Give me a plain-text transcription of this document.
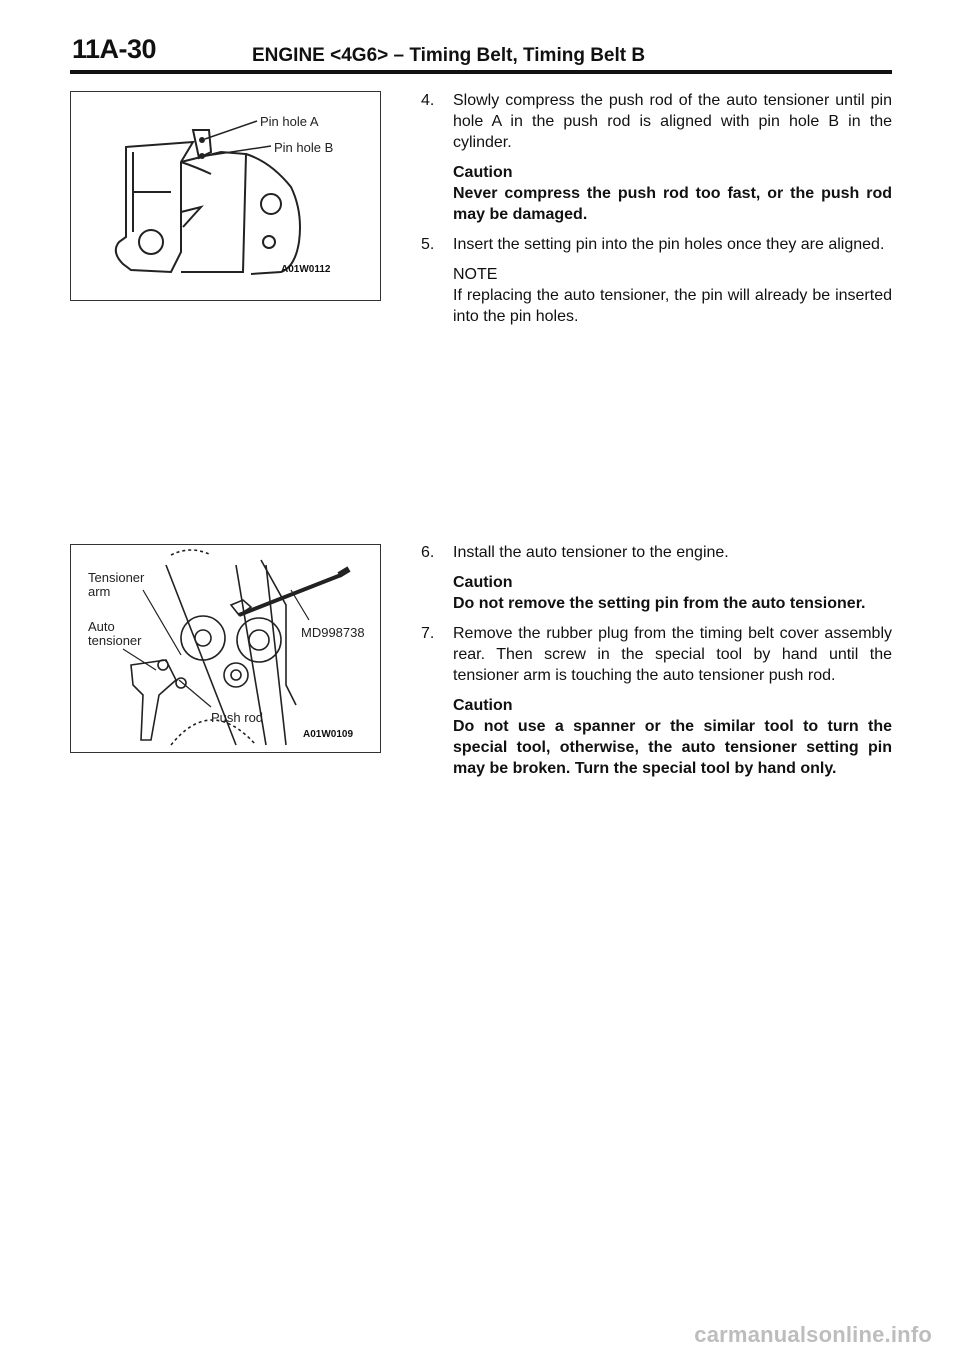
11A-30	ENGINE <4G6> – Timing Belt, Timing Belt B
Pin hole A
Pin hole B
A01W0112
Tensioner
arm
Auto
tensioner
MD998738
Push rod
A01W0109
4.	Slowly compress the push rod of the auto tensioner until pin hole A in the push rod is aligned with pin hole B in the cylinder.
Caution
Never compress the push rod too fast, or the push rod may be damaged.
5.	Insert the setting pin into the pin holes once they are aligned.
NOTE
If replacing the auto tensioner, the pin will already be inserted into the pin holes.
6.	Install the auto tensioner to the engine.
Caution
Do not remove the setting pin from the auto tensioner.
7.	Remove the rubber plug from the timing belt cover assembly rear. Then screw in the special tool by hand until the tensioner arm is touching the auto tensioner push rod.
Caution
Do not use a spanner or the similar tool to turn the special tool, otherwise, the auto tensioner setting pin may be broken. Turn the special tool by hand only.
carmanualsonline.info
